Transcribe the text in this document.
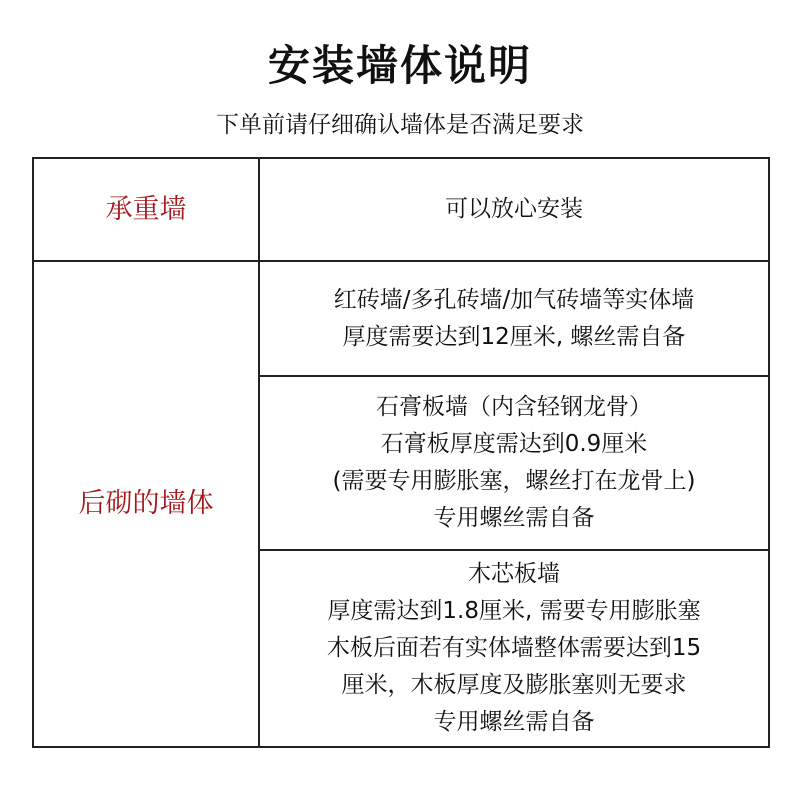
安装墙体说明
下单前请仔细确认墙体是否满足要求
承重墙	可以放心安装
后砌的墙体
红砖墙/多孔砖墙/加气砖墙等实体墙
厚度需要达到12厘米, 螺丝需自备
石膏板墙（内含轻钢龙骨）
石膏板厚度需达到0.9厘米
(需要专用膨胀塞，螺丝打在龙骨上)
专用螺丝需自备
木芯板墙
厚度需达到1.8厘米, 需要专用膨胀塞
木板后面若有实体墙整体需要达到15
厘米，木板厚度及膨胀塞则无要求
专用螺丝需自备
